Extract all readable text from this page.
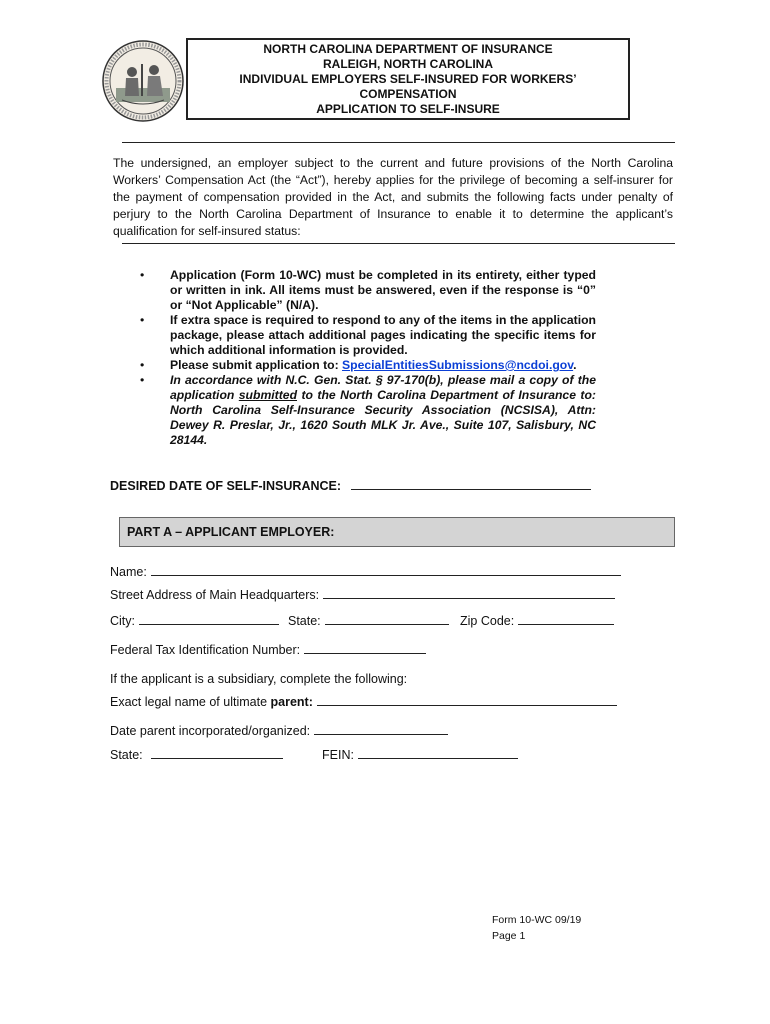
NORTH CAROLINA DEPARTMENT OF INSURANCE
RALEIGH, NORTH CAROLINA
INDIVIDUAL EMPLOYERS SELF-INSURED FOR WORKERS’
COMPENSATION
APPLICATION TO SELF-INSURE
The undersigned, an employer subject to the current and future provisions of the North Carolina Workers’ Compensation Act (the “Act”), hereby applies for the privilege of becoming a self-insurer for the payment of compensation provided in the Act, and submits the following facts under penalty of perjury to the North Carolina Department of Insurance to enable it to determine the applicant’s qualification for self-insured status:
• Application (Form 10-WC) must be completed in its entirety, either typed or written in ink. All items must be answered, even if the response is “0” or “Not Applicable” (N/A).
• If extra space is required to respond to any of the items in the application package, please attach additional pages indicating the specific items for which additional information is provided.
• Please submit application to: SpecialEntitiesSubmissions@ncdoi.gov.
• In accordance with N.C. Gen. Stat. § 97-170(b), please mail a copy of the application submitted to the North Carolina Department of Insurance to: North Carolina Self-Insurance Security Association (NCSISA), Attn: Dewey R. Preslar, Jr., 1620 South MLK Jr. Ave., Suite 107, Salisbury, NC 28144.
DESIRED DATE OF SELF-INSURANCE:
PART A – APPLICANT EMPLOYER:
Name:
Street Address of Main Headquarters:
City:	State:	Zip Code:
Federal Tax Identification Number:
If the applicant is a subsidiary, complete the following:
Exact legal name of ultimate parent:
Date parent incorporated/organized:
State:	FEIN:
Form 10-WC 09/19
Page 1
